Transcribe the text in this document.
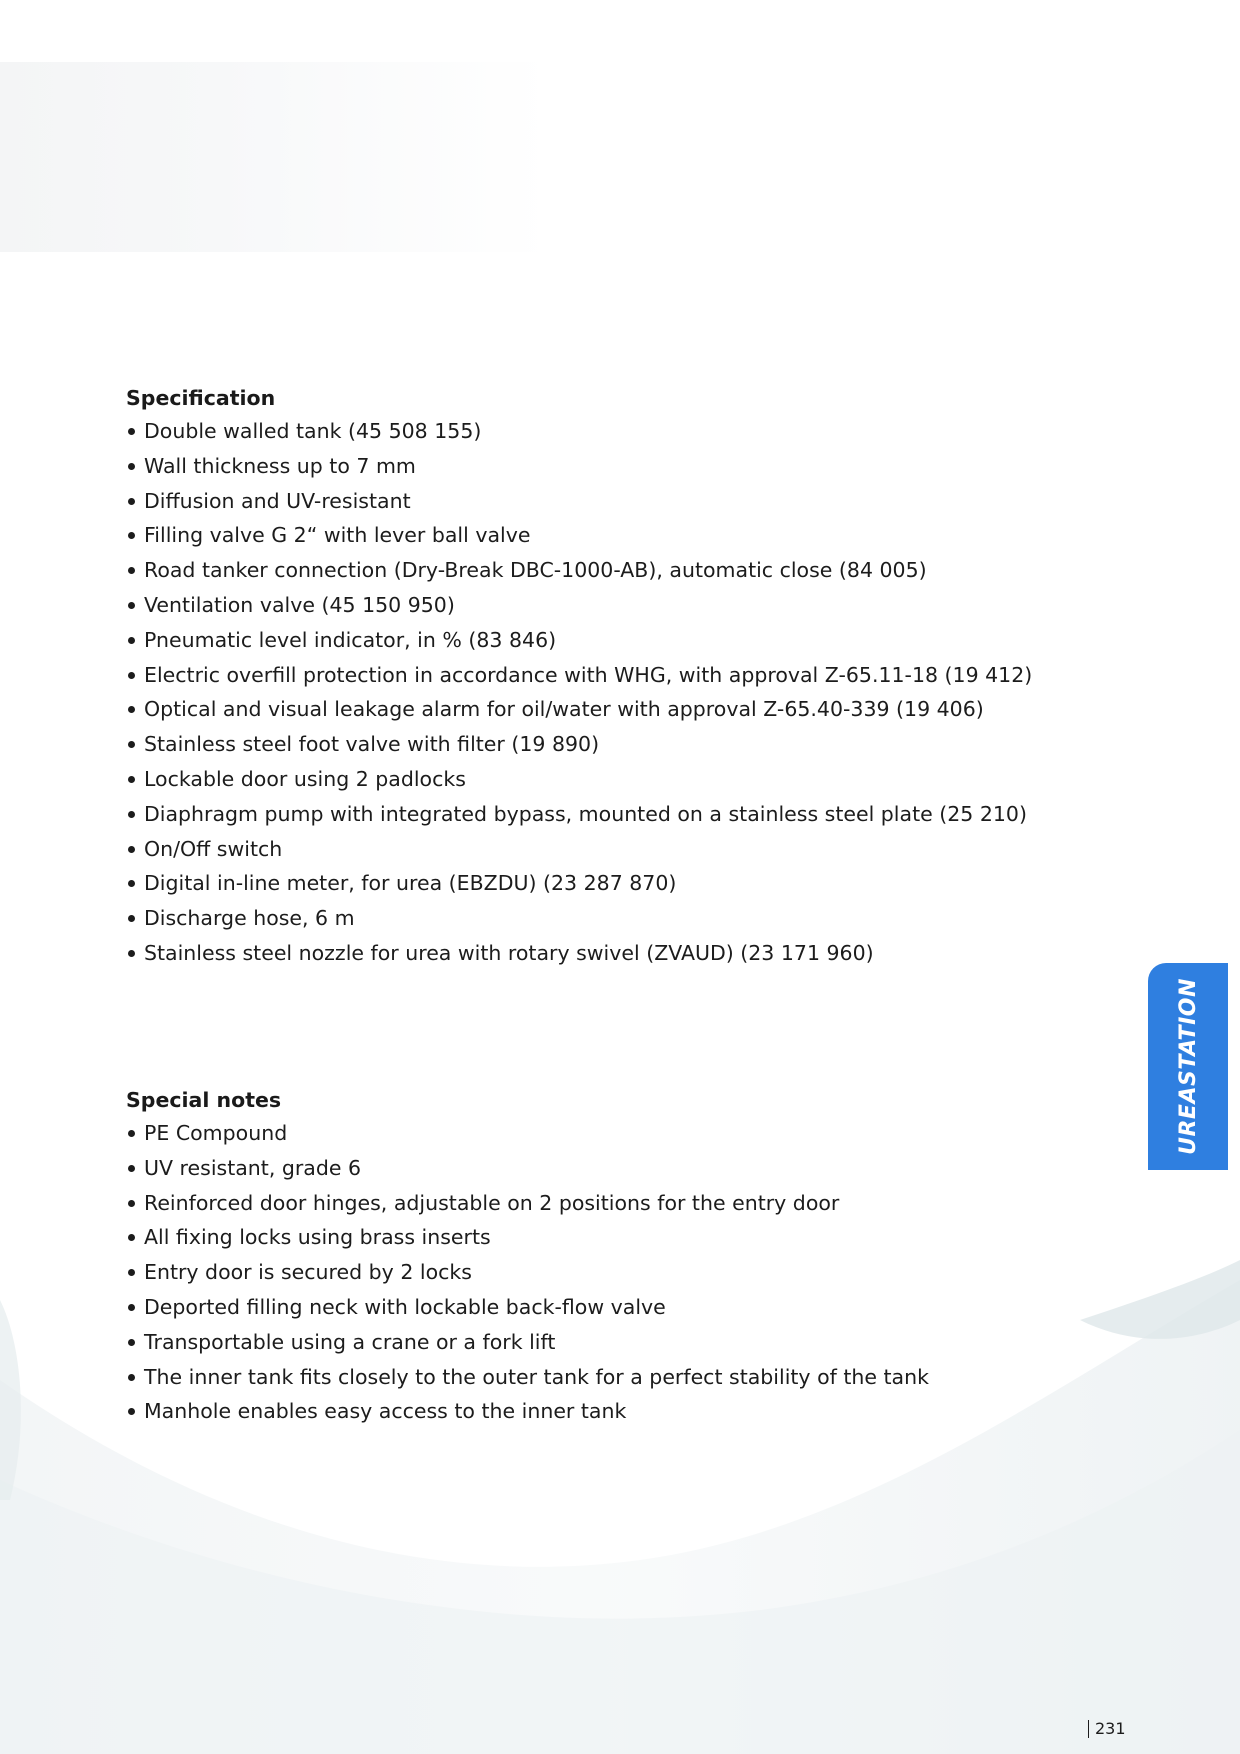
Specification
Double walled tank (45 508 155)
Wall thickness up to 7 mm
Diffusion and UV-resistant
Filling valve G 2“ with lever ball valve
Road tanker connection (Dry-Break DBC-1000-AB), automatic close (84 005)
Ventilation valve (45 150 950)
Pneumatic level indicator, in % (83 846)
Electric overfill protection in accordance with WHG, with approval Z-65.11-18 (19 412)
Optical and visual leakage alarm for oil/water with approval Z-65.40-339 (19 406)
Stainless steel foot valve with filter (19 890)
Lockable door using 2 padlocks
Diaphragm pump with integrated bypass, mounted on a stainless steel plate (25 210)
On/Off switch
Digital in-line meter, for urea (EBZDU) (23 287 870)
Discharge hose, 6 m
Stainless steel nozzle for urea with rotary swivel (ZVAUD) (23 171 960)
Special notes
PE Compound
UV resistant, grade 6
Reinforced door hinges, adjustable on 2 positions for the entry door
All fixing locks using brass inserts
Entry door is secured by 2 locks
Deported filling neck with lockable back-flow valve
Transportable using a crane or a fork lift
The inner tank fits closely to the outer tank for a perfect stability of the tank
Manhole enables easy access to the inner tank
UREASTATION
231
